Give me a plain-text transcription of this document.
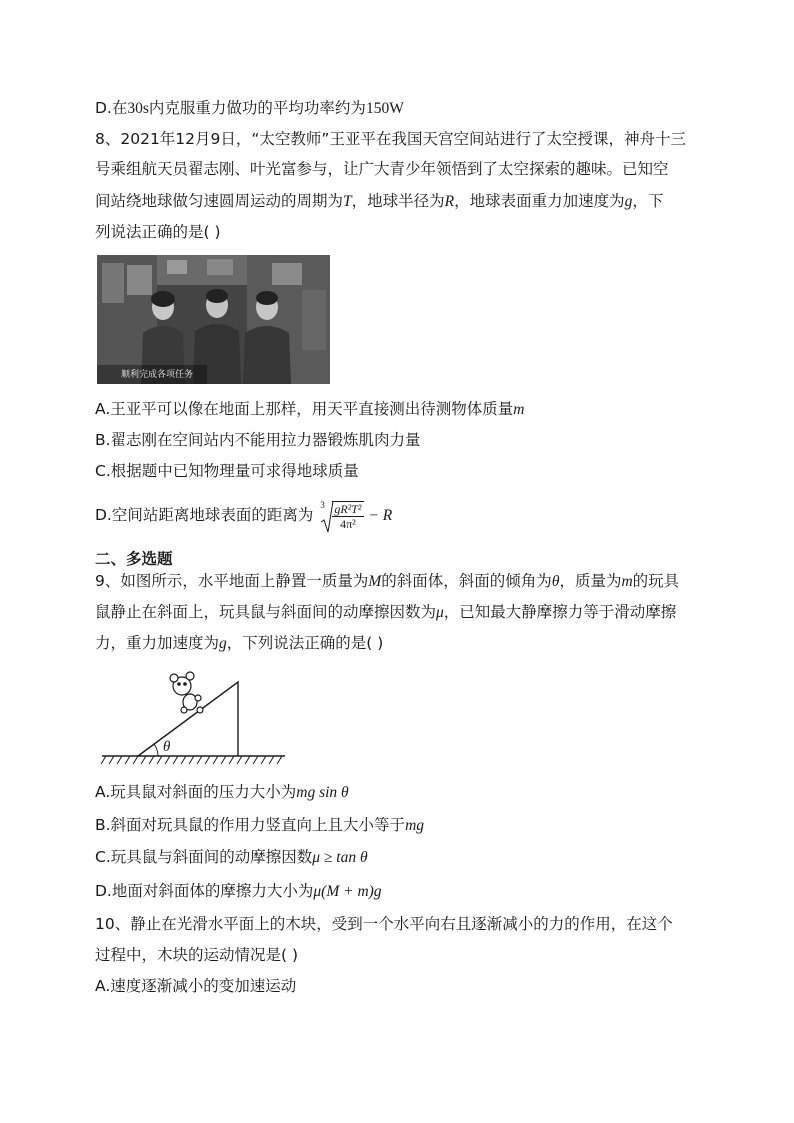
D.在30s内克服重力做功的平均功率约为150W
8、2021年12月9日，“太空教师”王亚平在我国天宫空间站进行了太空授课，神舟十三
号乘组航天员翟志刚、叶光富参与，让广大青少年领悟到了太空探索的趣味。已知空
间站绕地球做匀速圆周运动的周期为T，地球半径为R，地球表面重力加速度为g，下
列说法正确的是( )
顺利完成各项任务
A.王亚平可以像在地面上那样，用天平直接测出待测物体质量m
B.翟志刚在空间站内不能用拉力器锻炼肌肉力量
C.根据题中已知物理量可求得地球质量
D.空间站距离地球表面的距离为
$3 \frac{\text{gR²T²}}{\text{4π²}} - R$
二、多选题
9、如图所示，水平地面上静置一质量为M的斜面体，斜面的倾角为θ，质量为m的玩具
鼠静止在斜面上，玩具鼠与斜面间的动摩擦因数为μ，已知最大静摩擦力等于滑动摩擦
力，重力加速度为g，下列说法正确的是( )
θ
A.玩具鼠对斜面的压力大小为mg sin θ
B.斜面对玩具鼠的作用力竖直向上且大小等于mg
C.玩具鼠与斜面间的动摩擦因数μ ≥ tan θ
D.地面对斜面体的摩擦力大小为μ(M + m)g
10、静止在光滑水平面上的木块，受到一个水平向右且逐渐减小的力的作用，在这个
过程中，木块的运动情况是( )
A.速度逐渐减小的变加速运动
